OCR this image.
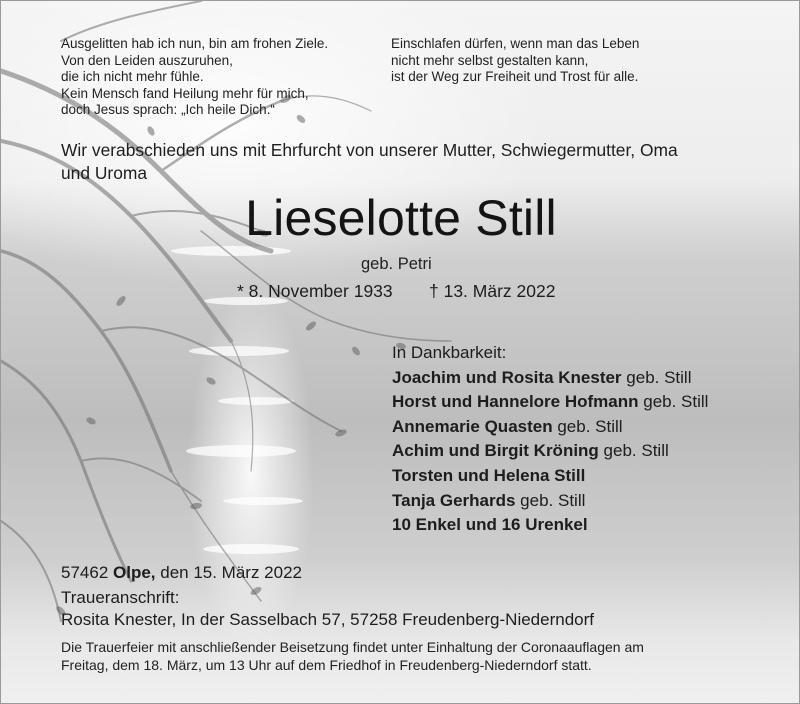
Ausgelitten hab ich nun, bin am frohen Ziele.
Von den Leiden auszuruhen,
die ich nicht mehr fühle.
Kein Mensch fand Heilung mehr für mich,
doch Jesus sprach: „Ich heile Dich.“
Einschlafen dürfen, wenn man das Leben
nicht mehr selbst gestalten kann,
ist der Weg zur Freiheit und Trost für alle.
Wir verabschieden uns mit Ehrfurcht von unserer Mutter, Schwiegermutter, Oma
und Uroma
Lieselotte Still
geb. Petri
* 8. November 1933 † 13. März 2022
In Dankbarkeit:
Joachim und Rosita Knester geb. Still
Horst und Hannelore Hofmann geb. Still
Annemarie Quasten geb. Still
Achim und Birgit Kröning geb. Still
Torsten und Helena Still
Tanja Gerhards geb. Still
10 Enkel und 16 Urenkel
57462 Olpe, den 15. März 2022
Traueranschrift:
Rosita Knester, In der Sasselbach 57, 57258 Freudenberg-Niederndorf
Die Trauerfeier mit anschließender Beisetzung findet unter Einhaltung der Coronaauflagen am
Freitag, dem 18. März, um 13 Uhr auf dem Friedhof in Freudenberg-Niederndorf statt.
